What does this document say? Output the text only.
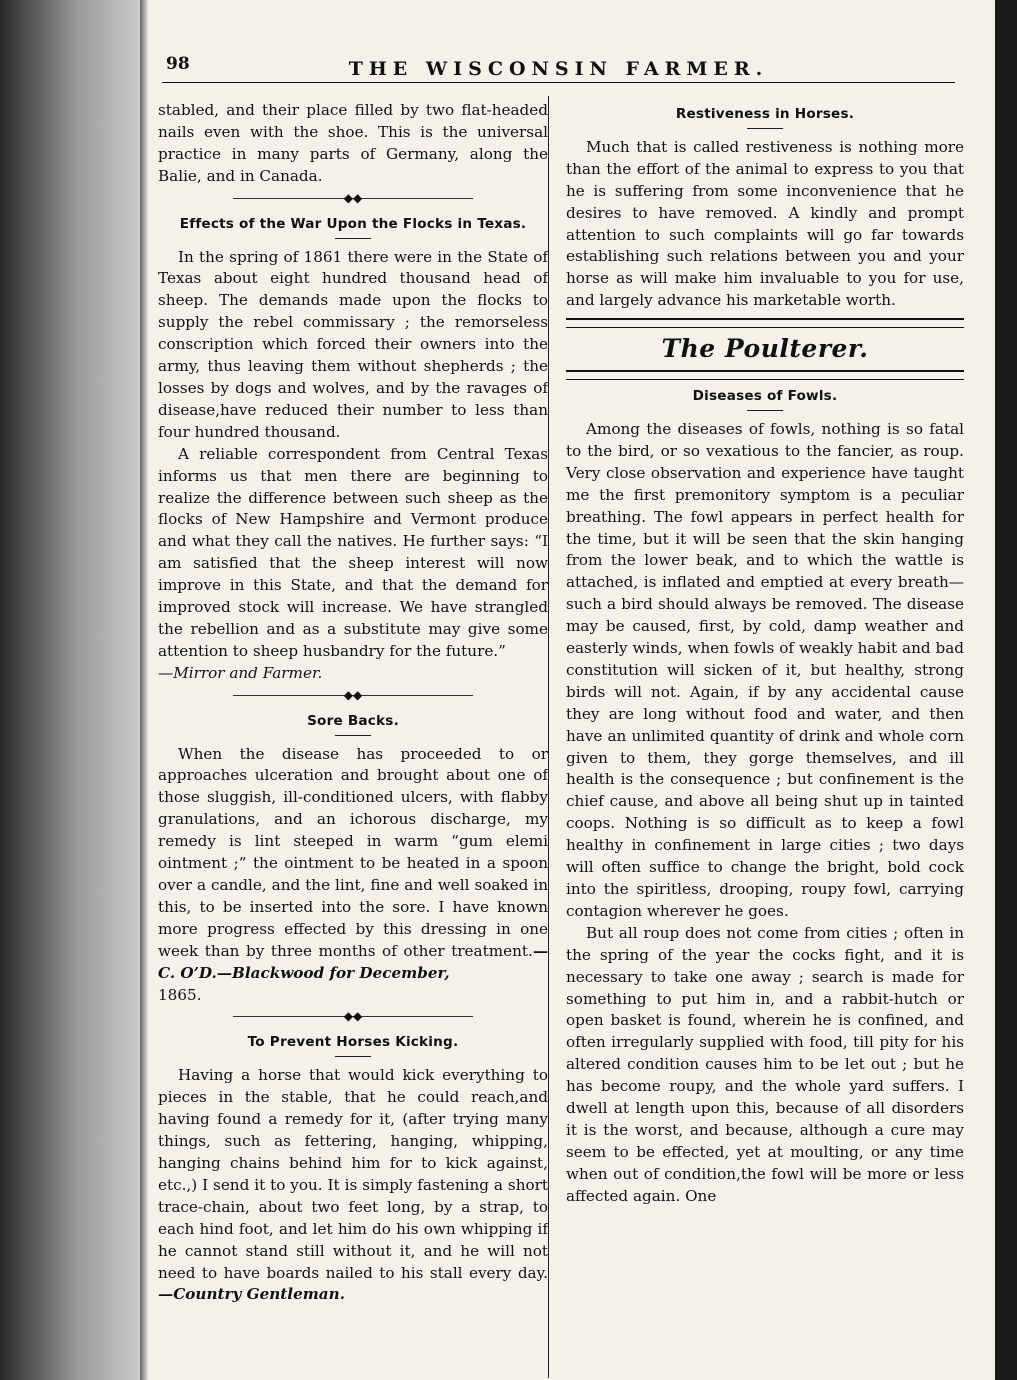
98	THE WISCONSIN FARMER.

stabled, and their place filled by two flat-headed nails even with the shoe. This is the universal practice in many parts of Germany, along the Balie, and in Canada.

◆◆
Effects of the War Upon the Flocks in Texas.

In the spring of 1861 there were in the State of Texas about eight hundred thousand head of sheep. The demands made upon the flocks to supply the rebel commissary ; the remorseless conscription which forced their owners into the army, thus leaving them without shepherds ; the losses by dogs and wolves, and by the ravages of disease,have reduced their number to less than four hundred thousand.

A reliable correspondent from Central Texas informs us that men there are beginning to realize the difference between such sheep as the flocks of New Hampshire and Vermont produce and what they call the natives. He further says: “I am satisfied that the sheep interest will now improve in this State, and that the demand for improved stock will increase. We have strangled the rebellion and as a substitute may give some attention to sheep husbandry for the future.”

—Mirror and Farmer.

◆◆
Sore Backs.

When the disease has proceeded to or approaches ulceration and brought about one of those sluggish, ill-conditioned ulcers, with flabby granulations, and an ichorous discharge, my remedy is lint steeped in warm “gum elemi ointment ;” the ointment to be heated in a spoon over a candle, and the lint, fine and well soaked in this, to be inserted into the sore. I have known more progress effected by this dressing in one week than by three months of other treatment.—C. O’D.—Blackwood for December,

1865.

◆◆
To Prevent Horses Kicking.

Having a horse that would kick everything to pieces in the stable, that he could reach,and having found a remedy for it, (after trying many things, such as fettering, hanging, whipping, hanging chains behind him for to kick against, etc.,) I send it to you. It is simply fastening a short trace-chain, about two feet long, by a strap, to each hind foot, and let him do his own whipping if he cannot stand still without it, and he will not need to have boards nailed to his stall every day.—Country Gentleman.

Restiveness in Horses.

Much that is called restiveness is nothing more than the effort of the animal to express to you that he is suffering from some inconvenience that he desires to have removed. A kindly and prompt attention to such complaints will go far towards establishing such relations between you and your horse as will make him invaluable to you for use, and largely advance his marketable worth.

The Poulterer.
Diseases of Fowls.

Among the diseases of fowls, nothing is so fatal to the bird, or so vexatious to the fancier, as roup. Very close observation and experience have taught me the first premonitory symptom is a peculiar breathing. The fowl appears in perfect health for the time, but it will be seen that the skin hanging from the lower beak, and to which the wattle is attached, is inflated and emptied at every breath—such a bird should always be removed. The disease may be caused, first, by cold, damp weather and easterly winds, when fowls of weakly habit and bad constitution will sicken of it, but healthy, strong birds will not. Again, if by any accidental cause they are long without food and water, and then have an unlimited quantity of drink and whole corn given to them, they gorge themselves, and ill health is the consequence ; but confinement is the chief cause, and above all being shut up in tainted coops. Nothing is so difficult as to keep a fowl healthy in confinement in large cities ; two days will often suffice to change the bright, bold cock into the spiritless, drooping, roupy fowl, carrying contagion wherever he goes.

But all roup does not come from cities ; often in the spring of the year the cocks fight, and it is necessary to take one away ; search is made for something to put him in, and a rabbit-hutch or open basket is found, wherein he is confined, and often irregularly supplied with food, till pity for his altered condition causes him to be let out ; but he has become roupy, and the whole yard suffers. I dwell at length upon this, because of all disorders it is the worst, and because, although a cure may seem to be effected, yet at moulting, or any time when out of condition,the fowl will be more or less affected again. One
